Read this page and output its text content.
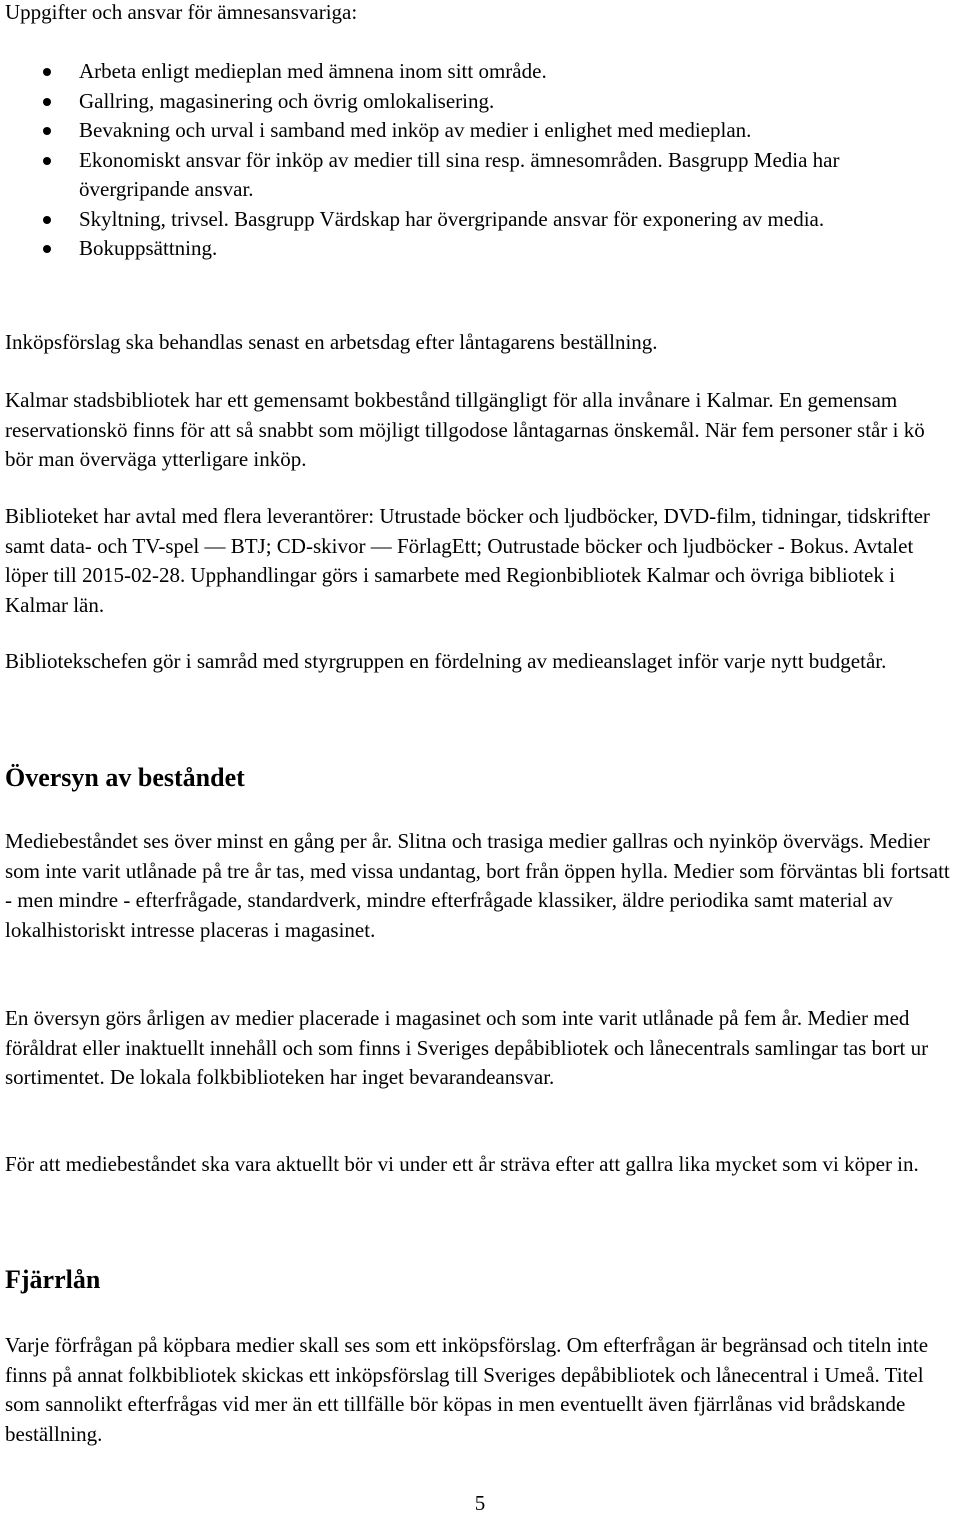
Uppgifter och ansvar för ämnesansvariga:

Arbeta enligt medieplan med ämnena inom sitt område.
Gallring, magasinering och övrig omlokalisering.
Bevakning och urval i samband med inköp av medier i enlighet med medieplan.
Ekonomiskt ansvar för inköp av medier till sina resp. ämnesområden. Basgrupp Media har övergripande ansvar.
Skyltning, trivsel. Basgrupp Värdskap har övergripande ansvar för exponering av media.
Bokuppsättning.

Inköpsförslag ska behandlas senast en arbetsdag efter låntagarens beställning.

Kalmar stadsbibliotek har ett gemensamt bokbestånd tillgängligt för alla invånare i Kalmar. En gemensam reservationskö finns för att så snabbt som möjligt tillgodose låntagarnas önskemål. När fem personer står i kö bör man överväga ytterligare inköp.

Biblioteket har avtal med flera leverantörer: Utrustade böcker och ljudböcker, DVD-film, tidningar, tidskrifter samt data- och TV-spel — BTJ; CD-skivor — FörlagEtt; Outrustade böcker och ljudböcker - Bokus. Avtalet löper till 2015-02-28. Upphandlingar görs i samarbete med Regionbibliotek Kalmar och övriga bibliotek i Kalmar län.

Bibliotekschefen gör i samråd med styrgruppen en fördelning av medieanslaget inför varje nytt budgetår.

Översyn av beståndet

Mediebeståndet ses över minst en gång per år. Slitna och trasiga medier gallras och nyinköp övervägs. Medier som inte varit utlånade på tre år tas, med vissa undantag, bort från öppen hylla. Medier som förväntas bli fortsatt - men mindre - efterfrågade, standardverk, mindre efterfrågade klassiker, äldre periodika samt material av lokalhistoriskt intresse placeras i magasinet.

En översyn görs årligen av medier placerade i magasinet och som inte varit utlånade på fem år. Medier med föråldrat eller inaktuellt innehåll och som finns i Sveriges depåbibliotek och lånecentrals samlingar tas bort ur sortimentet. De lokala folkbiblioteken har inget bevarandeansvar.

För att mediebeståndet ska vara aktuellt bör vi under ett år sträva efter att gallra lika mycket som vi köper in.

Fjärrlån

Varje förfrågan på köpbara medier skall ses som ett inköpsförslag. Om efterfrågan är begränsad och titeln inte finns på annat folkbibliotek skickas ett inköpsförslag till Sveriges depåbibliotek och lånecentral i Umeå. Titel som sannolikt efterfrågas vid mer än ett tillfälle bör köpas in men eventuellt även fjärrlånas vid brådskande beställning.

5
